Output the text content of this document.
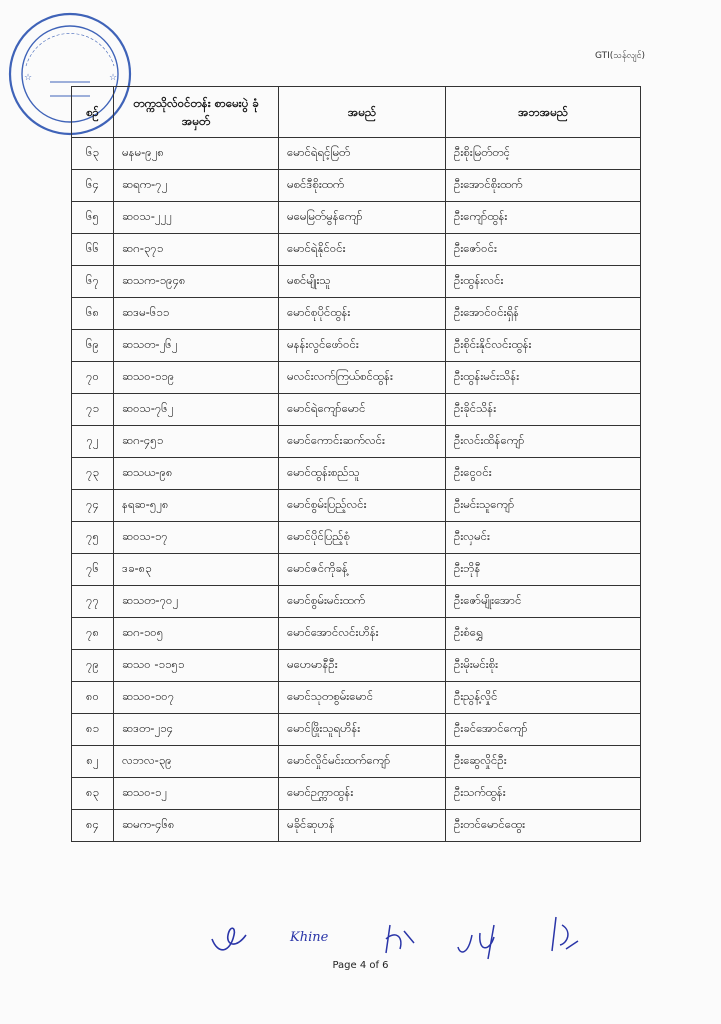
☆	☆
GTI(သန်လျင်)
စဉ်	တက္ကသိုလ်ဝင်တန်း စာမေးပွဲ ခုံအမှတ်	အမည်	အဘအမည်
၆၃	မနမ-၉၂၈	မောင်ရဲရင့်မြတ်	ဦးစိုးမြတ်တင့်
၆၄	ဆရက-၇၂	မစင်ဒီစိုးထက်	ဦးအောင်စိုးထက်
၆၅	ဆဝသ-၂၂၂	မမေမြတ်မွန်ကျော်	ဦးကျော်ထွန်း
၆၆	ဆဂ-၃၇၁	မောင်ရဲနိုင်ဝင်း	ဦးဇော်ဝင်း
၆၇	ဆသက-၁၉၄၈	မစင်မျိုးသူ	ဦးထွန်းလင်း
၆၈	ဆဒမ-၆၁၁	မောင်စုပိုင်ထွန်း	ဦးအောင်ဝင်းရှိန်
၆၉	ဆသတ-၂၆၂	မနန်းလွင်ဖော်ဝင်း	ဦးစိုင်းနိုင်လင်းထွန်း
၇၀	ဆသဝ-၁၁၉	မလင်းလက်ကြယ်စင်ထွန်း	ဦးထွန်းမင်းသိန်း
၇၁	ဆဝသ-၇၆၂	မောင်ရဲကျော်မောင်	ဦးခိုင်သိန်း
၇၂	ဆဂ-၄၅၁	မောင်ကောင်းဆက်လင်း	ဦးလင်းထိန်ကျော်
၇၃	ဆသယ-၉၈	မောင်ထွန်းစည်သူ	ဦးငွေဝင်း
၇၄	နရဆ-၅၂၈	မောင်စွမ်းပြည့်လင်း	ဦးမင်းသူကျော်
၇၅	ဆဝသ-၁၇	မောင်ပိုင်ပြည့်စုံ	ဦးလှမင်း
၇၆	ဒခ-၈၃	မောင်ဇင်ကိုခန့်	ဦးဘိုနီ
၇၇	ဆသတ-၇၀၂	မောင်စွမ်းမင်းထက်	ဦးဇော်မျိုးအောင်
၇၈	ဆဂ-၁၀၅	မောင်အောင်လင်းဟိန်း	ဦးစံရွှေ
၇၉	ဆသဝ -၁၁၅၁	မဟေမာနီဦး	ဦးမိုးမင်းစိုး
၈၀	ဆသဝ-၁၀၇	မောင်သုတစွမ်းမောင်	ဦးညွန့်လှိုင်
၈၁	ဆဒတ-၂၁၄	မောင်ဖြိုးသူရဟိန်း	ဦးခင်အောင်ကျော်
၈၂	လဘလ-၃၉	မောင်လှိုင်မင်းထက်ကျော်	ဦးဆွေလှိုင်ဦး
၈၃	ဆသဝ-၁၂	မောင်ဉက္ကာထွန်း	ဦးသက်ထွန်း
၈၄	ဆမက-၄၆၈	မခိုင်ဆုဟန်	ဦးတင်မောင်ထွေး
Khine
Page 4 of 6
